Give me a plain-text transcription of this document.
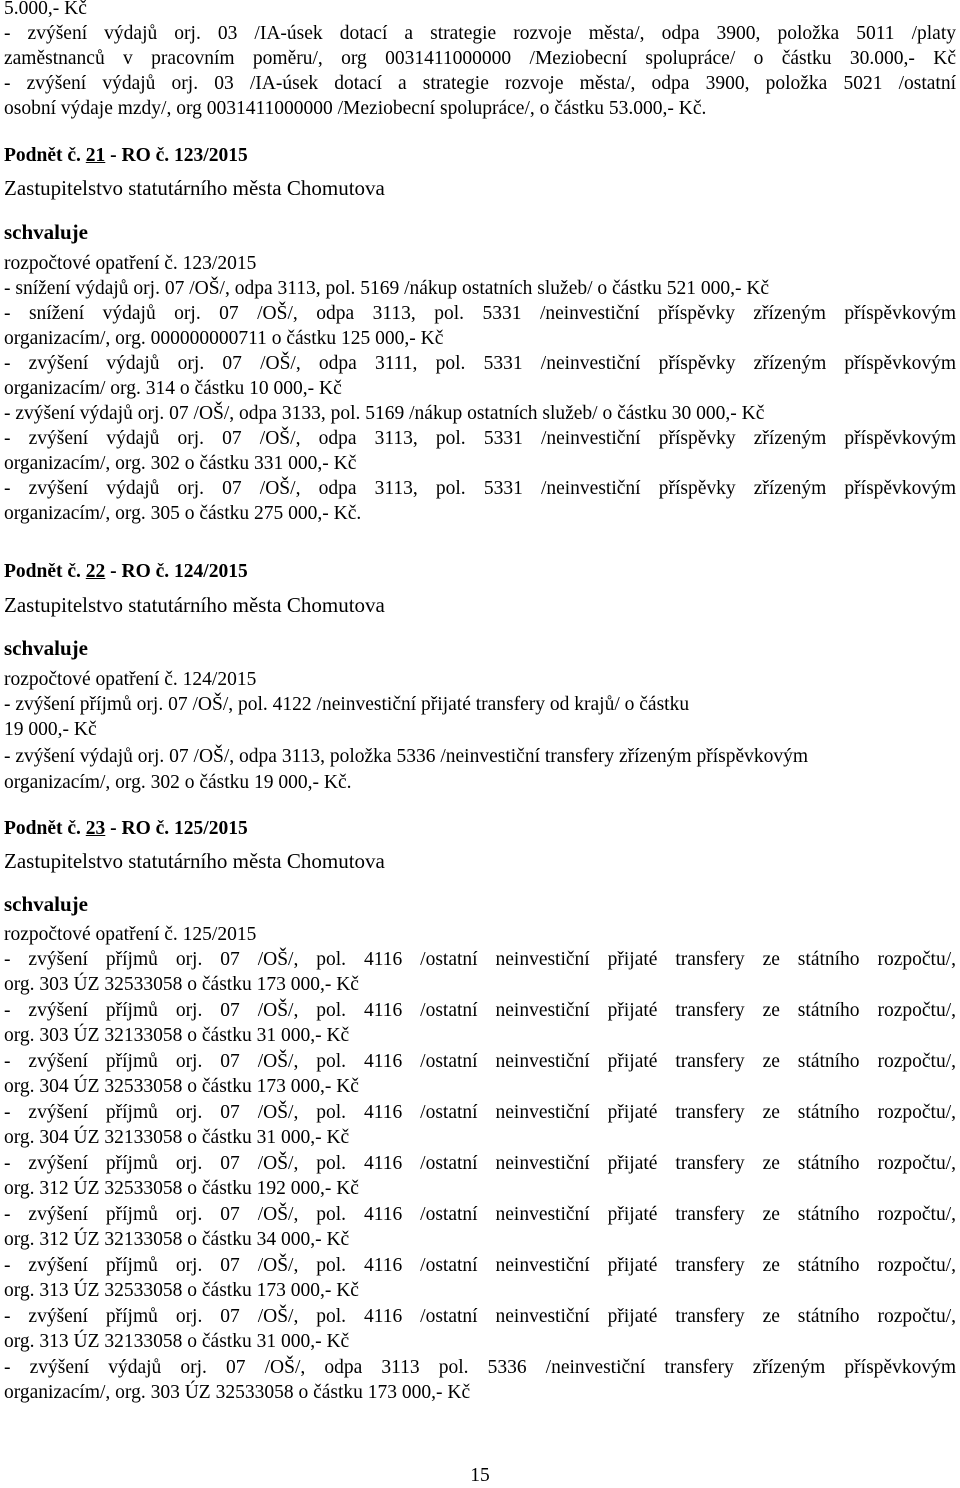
5.000,- Kč
- zvýšení výdajů orj. 03 /IA-úsek dotací a strategie rozvoje města/, odpa 3900, položka 5011 /platy
zaměstnanců v pracovním poměru/, org 0031411000000 /Meziobecní spolupráce/ o částku 30.000,- Kč
- zvýšení výdajů orj. 03 /IA-úsek dotací a strategie rozvoje města/, odpa 3900, položka 5021 /ostatní
osobní výdaje mzdy/, org 0031411000000 /Meziobecní spolupráce/, o částku 53.000,- Kč.
Podnět č. 21 - RO č. 123/2015
Zastupitelstvo statutárního města Chomutova
schvaluje
rozpočtové opatření č. 123/2015
- snížení výdajů orj. 07 /OŠ/, odpa 3113, pol. 5169 /nákup ostatních služeb/ o částku 521 000,- Kč
- snížení výdajů orj. 07 /OŠ/, odpa 3113, pol. 5331 /neinvestiční příspěvky zřízeným příspěvkovým
organizacím/, org. 000000000711 o částku 125 000,- Kč
- zvýšení výdajů orj. 07 /OŠ/, odpa 3111, pol. 5331 /neinvestiční příspěvky zřízeným příspěvkovým
organizacím/ org. 314 o částku 10 000,- Kč
- zvýšení výdajů orj. 07 /OŠ/, odpa 3133, pol. 5169 /nákup ostatních služeb/ o částku 30 000,- Kč
- zvýšení výdajů orj. 07 /OŠ/, odpa 3113, pol. 5331 /neinvestiční příspěvky zřízeným příspěvkovým
organizacím/, org. 302 o částku 331 000,- Kč
- zvýšení výdajů orj. 07 /OŠ/, odpa 3113, pol. 5331 /neinvestiční příspěvky zřízeným příspěvkovým
organizacím/, org. 305 o částku 275 000,- Kč.
Podnět č. 22 - RO č. 124/2015
Zastupitelstvo statutárního města Chomutova
schvaluje
rozpočtové opatření č. 124/2015
- zvýšení příjmů orj. 07 /OŠ/, pol. 4122 /neinvestiční přijaté transfery od krajů/ o částku
19 000,- Kč
- zvýšení výdajů orj. 07 /OŠ/, odpa 3113, položka 5336 /neinvestiční transfery zřízeným příspěvkovým
organizacím/, org. 302 o částku 19 000,- Kč.
Podnět č. 23 - RO č. 125/2015
Zastupitelstvo statutárního města Chomutova
schvaluje
rozpočtové opatření č. 125/2015
- zvýšení příjmů orj. 07 /OŠ/, pol. 4116 /ostatní neinvestiční přijaté transfery ze státního rozpočtu/,
org. 303 ÚZ 32533058 o částku 173 000,- Kč
- zvýšení příjmů orj. 07 /OŠ/, pol. 4116 /ostatní neinvestiční přijaté transfery ze státního rozpočtu/,
org. 303 ÚZ 32133058 o částku 31 000,- Kč
- zvýšení příjmů orj. 07 /OŠ/, pol. 4116 /ostatní neinvestiční přijaté transfery ze státního rozpočtu/,
org. 304 ÚZ 32533058 o částku 173 000,- Kč
- zvýšení příjmů orj. 07 /OŠ/, pol. 4116 /ostatní neinvestiční přijaté transfery ze státního rozpočtu/,
org. 304 ÚZ 32133058 o částku 31 000,- Kč
- zvýšení příjmů orj. 07 /OŠ/, pol. 4116 /ostatní neinvestiční přijaté transfery ze státního rozpočtu/,
org. 312 ÚZ 32533058 o částku 192 000,- Kč
- zvýšení příjmů orj. 07 /OŠ/, pol. 4116 /ostatní neinvestiční přijaté transfery ze státního rozpočtu/,
org. 312 ÚZ 32133058 o částku 34 000,- Kč
- zvýšení příjmů orj. 07 /OŠ/, pol. 4116 /ostatní neinvestiční přijaté transfery ze státního rozpočtu/,
org. 313 ÚZ 32533058 o částku 173 000,- Kč
- zvýšení příjmů orj. 07 /OŠ/, pol. 4116 /ostatní neinvestiční přijaté transfery ze státního rozpočtu/,
org. 313 ÚZ 32133058 o částku 31 000,- Kč
- zvýšení výdajů orj. 07 /OŠ/, odpa 3113 pol. 5336 /neinvestiční transfery zřízeným příspěvkovým
organizacím/, org. 303 ÚZ 32533058 o částku 173 000,- Kč
15
